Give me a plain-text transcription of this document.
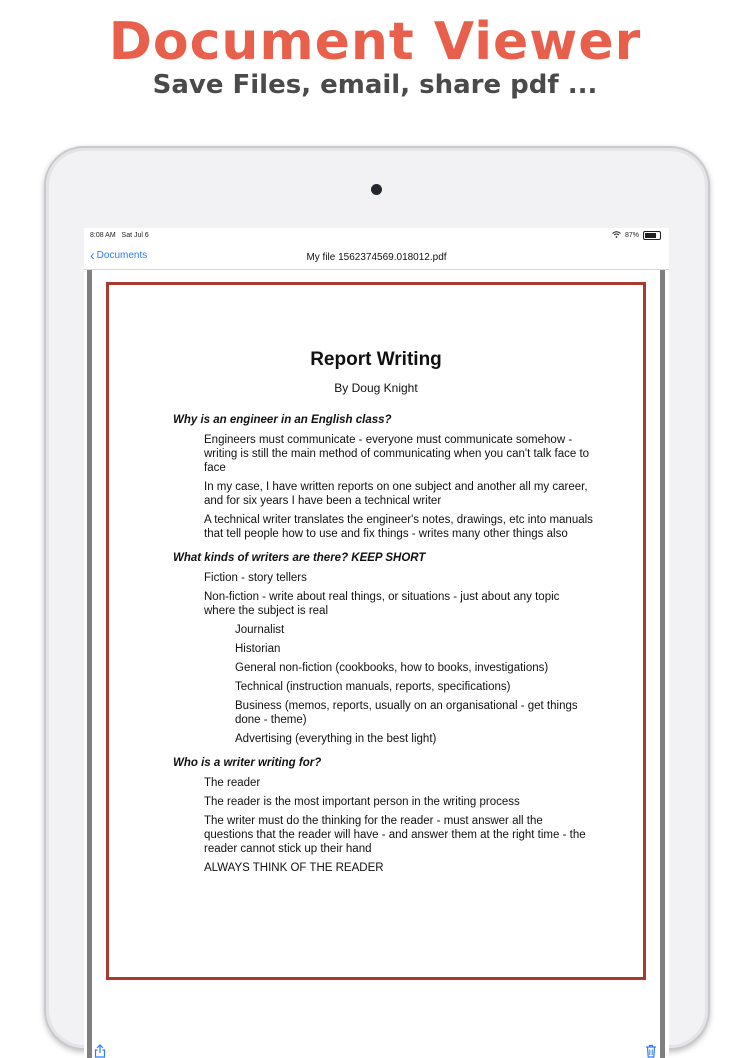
Document Viewer
Save Files, email, share pdf ...
8:08 AM Sat Jul 6	87%
‹ Documents	My file 1562374569.018012.pdf
Report Writing
By Doug Knight
Why is an engineer in an English class?
Engineers must communicate - everyone must communicate somehow - writing is still the main method of communicating when you can't talk face to face
In my case, I have written reports on one subject and another all my career, and for six years I have been a technical writer
A technical writer translates the engineer's notes, drawings, etc into manuals that tell people how to use and fix things - writes many other things also
What kinds of writers are there? KEEP SHORT
Fiction - story tellers
Non-fiction - write about real things, or situations - just about any topic where the subject is real
Journalist
Historian
General non-fiction (cookbooks, how to books, investigations)
Technical (instruction manuals, reports, specifications)
Business (memos, reports, usually on an organisational - get things done - theme)
Advertising (everything in the best light)
Who is a writer writing for?
The reader
The reader is the most important person in the writing process
The writer must do the thinking for the reader - must answer all the questions that the reader will have - and answer them at the right time - the reader cannot stick up their hand
ALWAYS THINK OF THE READER
